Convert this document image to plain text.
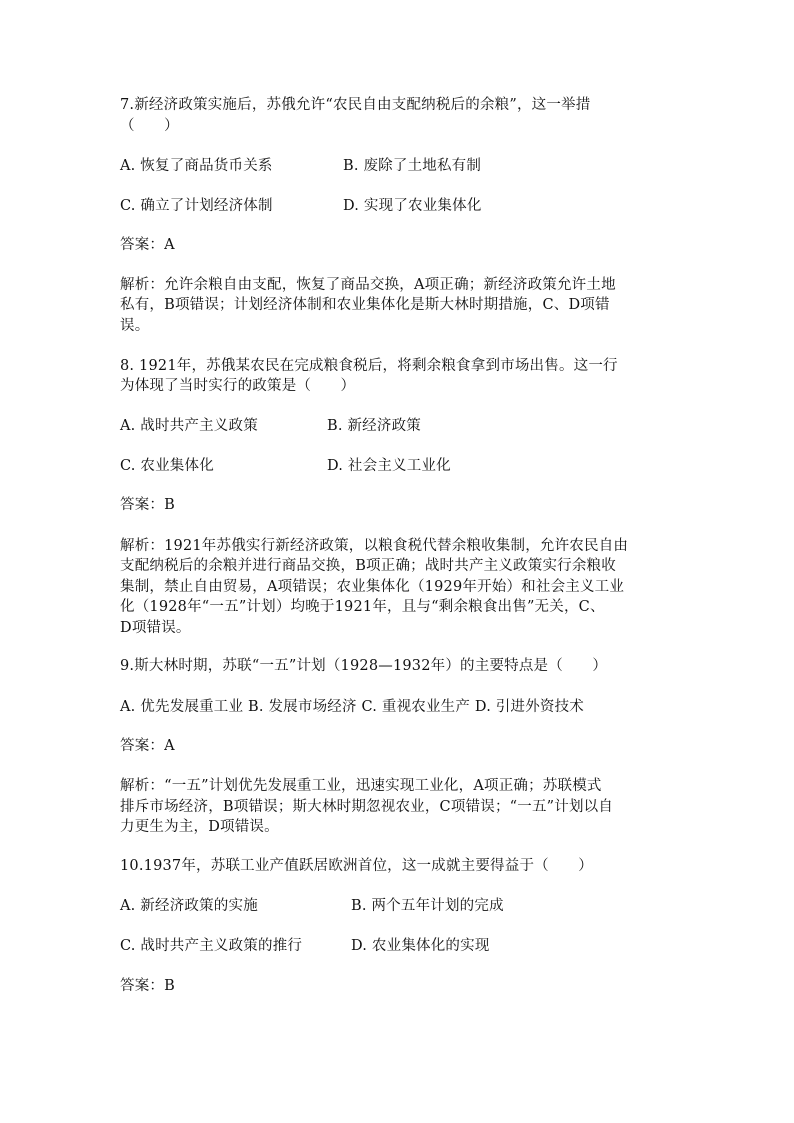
7.新经济政策实施后，苏俄允许“农民自由支配纳税后的余粮”，这一举措
（　　）
A. 恢复了商品货币关系	B. 废除了土地私有制
C. 确立了计划经济体制	D. 实现了农业集体化
答案：A
解析：允许余粮自由支配，恢复了商品交换，A项正确；新经济政策允许土地
私有，B项错误；计划经济体制和农业集体化是斯大林时期措施，C、D项错
误。
8. 1921年，苏俄某农民在完成粮食税后，将剩余粮食拿到市场出售。这一行
为体现了当时实行的政策是（　　）
A. 战时共产主义政策	B. 新经济政策
C. 农业集体化	D. 社会主义工业化
答案：B
解析：1921年苏俄实行新经济政策，以粮食税代替余粮收集制，允许农民自由
支配纳税后的余粮并进行商品交换，B项正确；战时共产主义政策实行余粮收
集制，禁止自由贸易，A项错误；农业集体化（1929年开始）和社会主义工业
化（1928年“一五”计划）均晚于1921年，且与“剩余粮食出售”无关，C、
D项错误。
9.斯大林时期，苏联“一五”计划（1928—1932年）的主要特点是（　　）
A. 优先发展重工业 B. 发展市场经济 C. 重视农业生产 D. 引进外资技术
答案：A
解析：“一五”计划优先发展重工业，迅速实现工业化，A项正确；苏联模式
排斥市场经济，B项错误；斯大林时期忽视农业，C项错误；“一五”计划以自
力更生为主，D项错误。
10.1937年，苏联工业产值跃居欧洲首位，这一成就主要得益于（　　）
A. 新经济政策的实施	B. 两个五年计划的完成
C. 战时共产主义政策的推行	D. 农业集体化的实现
答案：B
